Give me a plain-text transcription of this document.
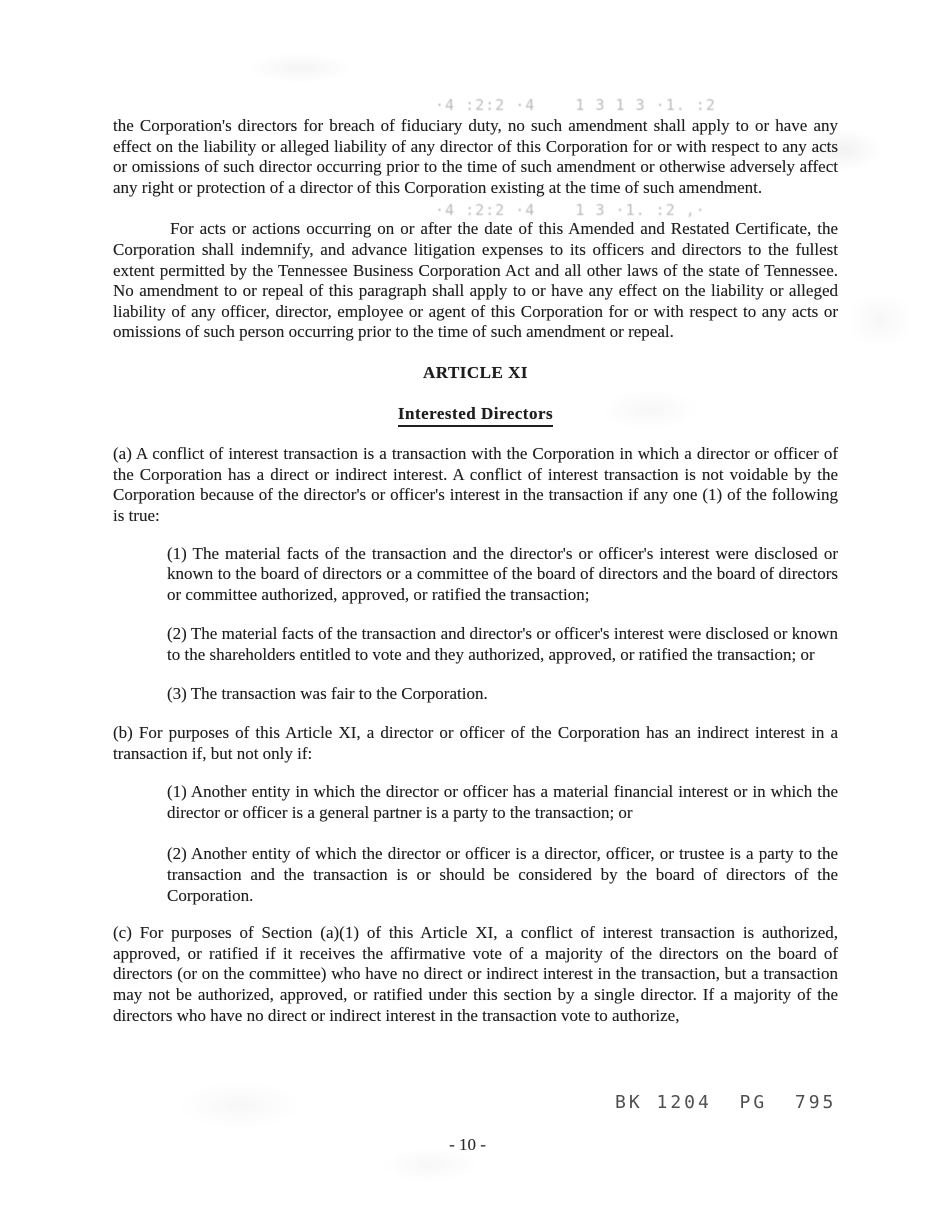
·4 :2:2 ·4    1 3 1 3 ·1. :2

·4 :2:2 ·4    1 3 ·1. :2 ,·

the Corporation's directors for breach of fiduciary duty, no such amendment shall apply to or have any effect on the liability or alleged liability of any director of this Corporation for or with respect to any acts or omissions of such director occurring prior to the time of such amendment or otherwise adversely affect any right or protection of a director of this Corporation existing at the time of such amendment.
For acts or actions occurring on or after the date of this Amended and Restated Certificate, the Corporation shall indemnify, and advance litigation expenses to its officers and directors to the fullest extent permitted by the Tennessee Business Corporation Act and all other laws of the state of Tennessee. No amendment to or repeal of this paragraph shall apply to or have any effect on the liability or alleged liability of any officer, director, employee or agent of this Corporation for or with respect to any acts or omissions of such person occurring prior to the time of such amendment or repeal.
ARTICLE XI
Interested Directors
(a) A conflict of interest transaction is a transaction with the Corporation in which a director or officer of the Corporation has a direct or indirect interest. A conflict of interest transaction is not voidable by the Corporation because of the director's or officer's interest in the transaction if any one (1) of the following is true:
(1) The material facts of the transaction and the director's or officer's interest were disclosed or known to the board of directors or a committee of the board of directors and the board of directors or committee authorized, approved, or ratified the transaction;
(2) The material facts of the transaction and director's or officer's interest were disclosed or known to the shareholders entitled to vote and they authorized, approved, or ratified the transaction; or
(3) The transaction was fair to the Corporation.
(b) For purposes of this Article XI, a director or officer of the Corporation has an indirect interest in a transaction if, but not only if:
(1) Another entity in which the director or officer has a material financial interest or in which the director or officer is a general partner is a party to the transaction; or
(2) Another entity of which the director or officer is a director, officer, or trustee is a party to the transaction and the transaction is or should be considered by the board of directors of the Corporation.
(c) For purposes of Section (a)(1) of this Article XI, a conflict of interest transaction is authorized, approved, or ratified if it receives the affirmative vote of a majority of the directors on the board of directors (or on the committee) who have no direct or indirect interest in the transaction, but a transaction may not be authorized, approved, or ratified under this section by a single director. If a majority of the directors who have no direct or indirect interest in the transaction vote to authorize,
BK 1204  PG  795
- 10 -
